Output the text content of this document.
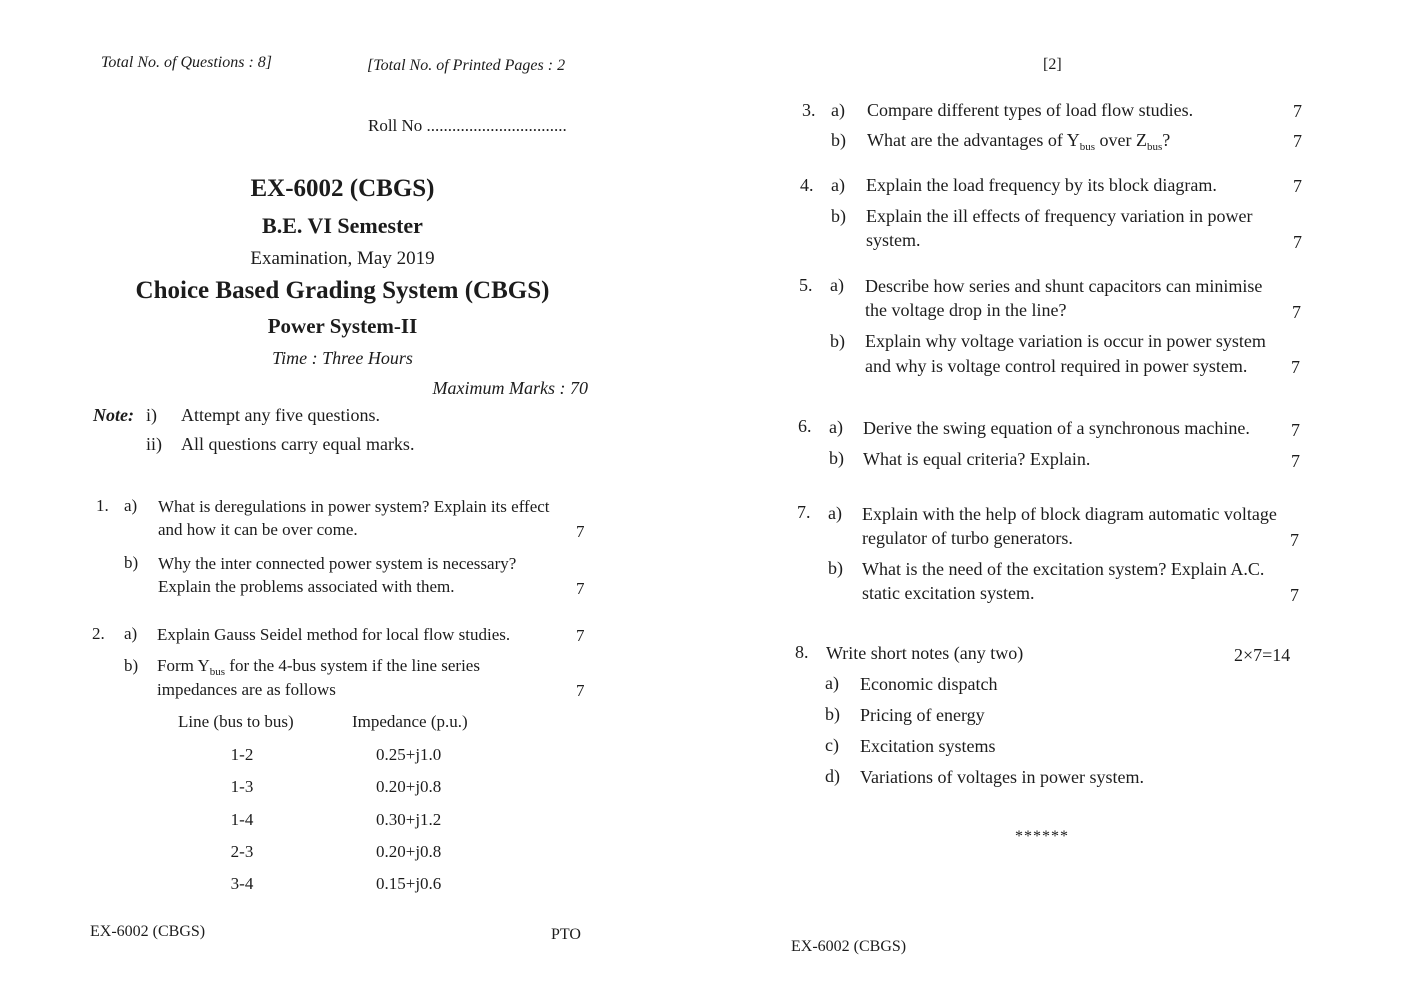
Total No. of Questions : 8]	[Total No. of Printed Pages : 2
Roll No .................................
EX-6002 (CBGS)
B.E. VI Semester
Examination, May 2019
Choice Based Grading System (CBGS)
Power System-II
Time : Three Hours
Maximum Marks : 70
Note: i) Attempt any five questions.
ii) All questions carry equal marks.
1. a) What is deregulations in power system? Explain its effect
and how it can be over come.	7
b) Why the inter connected power system is necessary?
Explain the problems associated with them.	7
2. a) Explain Gauss Seidel method for local flow studies.	7
b) Form $Y_{bus}$ for the 4-bus system if the line series
impedances are as follows	7
Line (bus to bus)	Impedance (p.u.)
1-2	0.25+j1.0
1-3	0.20+j0.8
1-4	0.30+j1.2
2-3	0.20+j0.8
3-4	0.15+j0.6
EX-6002 (CBGS)	PTO
[2]
3. a) Compare different types of load flow studies.	7
b) What are the advantages of $Y_{bus}$ over $Z_{bus}$?	7
4. a) Explain the load frequency by its block diagram.	7
b) Explain the ill effects of frequency variation in power
system.	7
5. a) Describe how series and shunt capacitors can minimise
the voltage drop in the line?	7
b) Explain why voltage variation is occur in power system
and why is voltage control required in power system. 7
6. a) Derive the swing equation of a synchronous machine. 7
b) What is equal criteria? Explain.	7
7. a) Explain with the help of block diagram automatic voltage
regulator of turbo generators.	7
b) What is the need of the excitation system? Explain A.C.
static excitation system.	7
8. Write short notes (any two)	2×7=14
a) Economic dispatch
b) Pricing of energy
c) Excitation systems
d) Variations of voltages in power system.
******
EX-6002 (CBGS)
